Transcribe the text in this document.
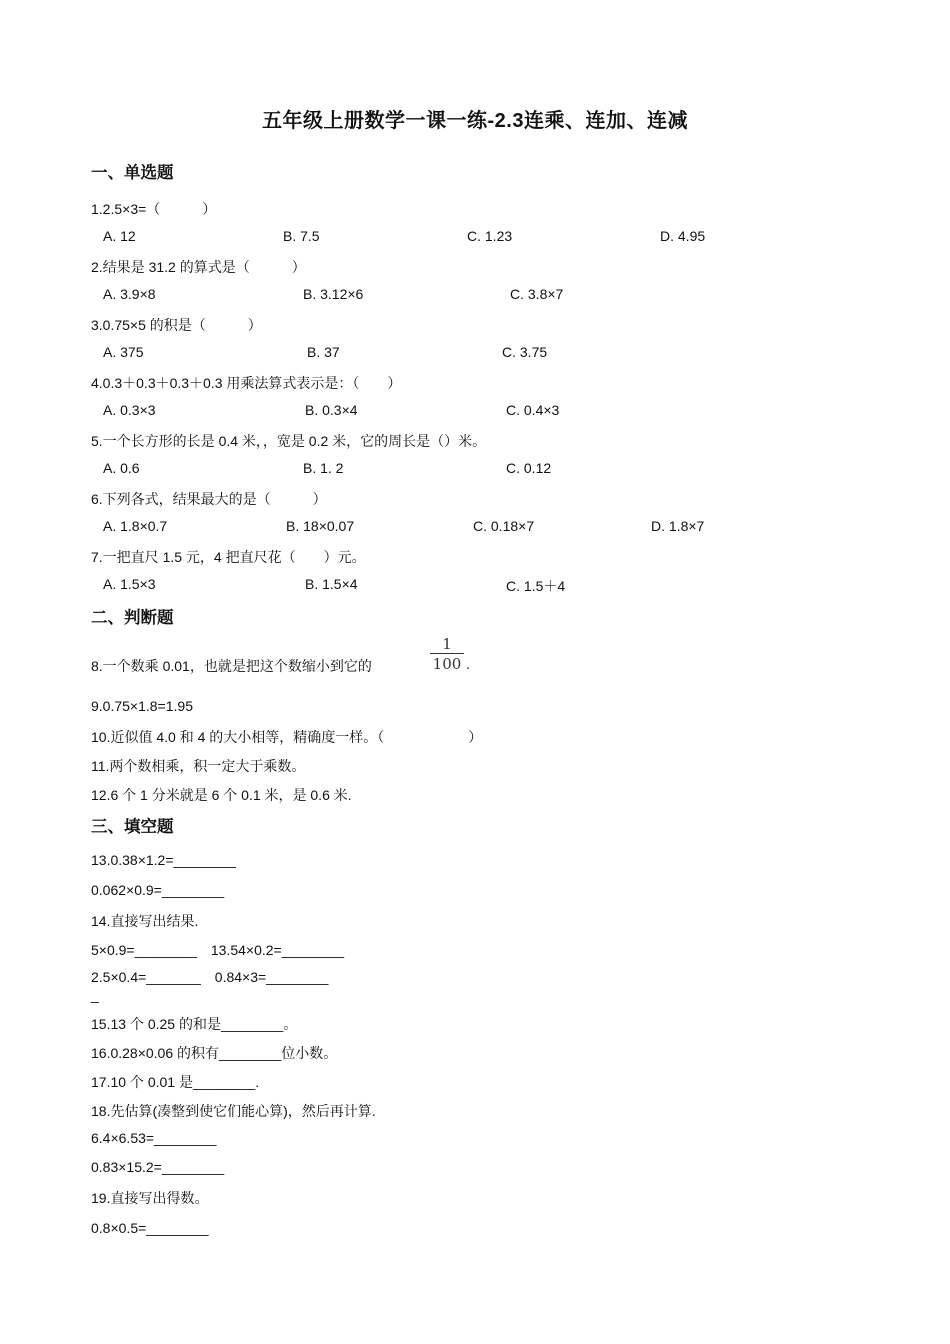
五年级上册数学一课一练-2.3连乘、连加、连减
一、单选题
1.2.5×3=（　　　）
A. 12	B. 7.5	C. 1.23	D. 4.95
2.结果是 31.2 的算式是（　　　）
A. 3.9×8	B. 3.12×6	C. 3.8×7
3.0.75×5 的积是（　　　）
A. 375	B. 37	C. 3.75
4.0.3＋0.3＋0.3＋0.3 用乘法算式表示是：（　　）
A. 0.3×3	B. 0.3×4	C. 0.4×3
5.一个长方形的长是 0.4 米，，宽是 0.2 米，它的周长是（）米。
A. 0.6	B. 1. 2	C. 0.12
6.下列各式，结果最大的是（　　　）
A. 1.8×0.7	B. 18×0.07	C. 0.18×7	D. 1.8×7
7.一把直尺 1.5 元，4 把直尺花（　　）元。
A. 1.5×3	B. 1.5×4	C. 1.5＋4
二、判断题
8.一个数乘 0.01，也就是把这个数缩小到它的
1
100 .
9.0.75×1.8=1.95
10.近似值 4.0 和 4 的大小相等，精确度一样。（　　　　　　）
11.两个数相乘，积一定大于乘数。
12.6 个 1 分米就是 6 个 0.1 米，是 0.6 米.
三、填空题
13.0.38×1.2=________
0.062×0.9=________
14.直接写出结果.
5×0.9=________　13.54×0.2=________
2.5×0.4=_______　0.84×3=________
_
15.13 个 0.25 的和是________。
16.0.28×0.06 的积有________位小数。
17.10 个 0.01 是________.
18.先估算(凑整到使它们能心算)，然后再计算.
6.4×6.53=________
0.83×15.2=________
19.直接写出得数。
0.8×0.5=________
